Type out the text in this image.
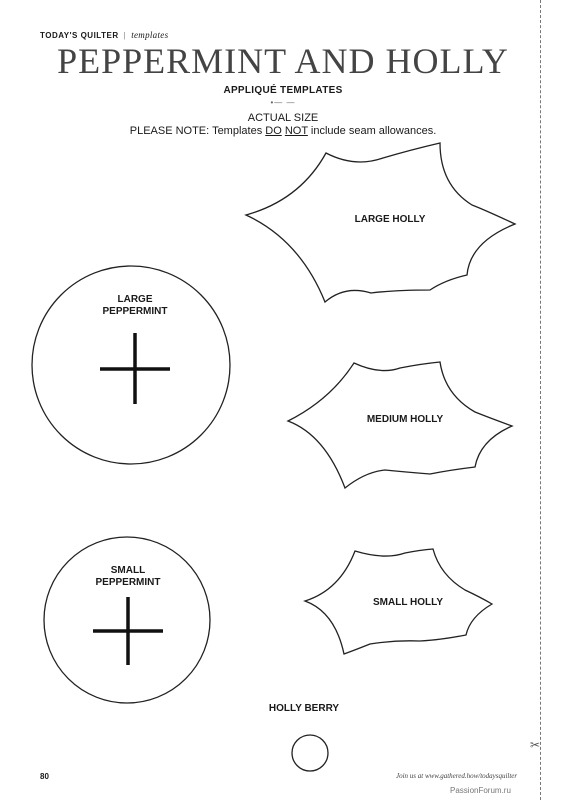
TODAY'S QUILTER | templates
PEPPERMINT AND HOLLY
APPLIQUÉ TEMPLATES
•— —
ACTUAL SIZE
PLEASE NOTE: Templates DO NOT include seam allowances.
✂
LARGE HOLLY
MEDIUM HOLLY
SMALL HOLLY
LARGE
PEPPERMINT
SMALL
PEPPERMINT
HOLLY BERRY
80	Join us at www.gathered.how/todaysquilter
PassionForum.ru
